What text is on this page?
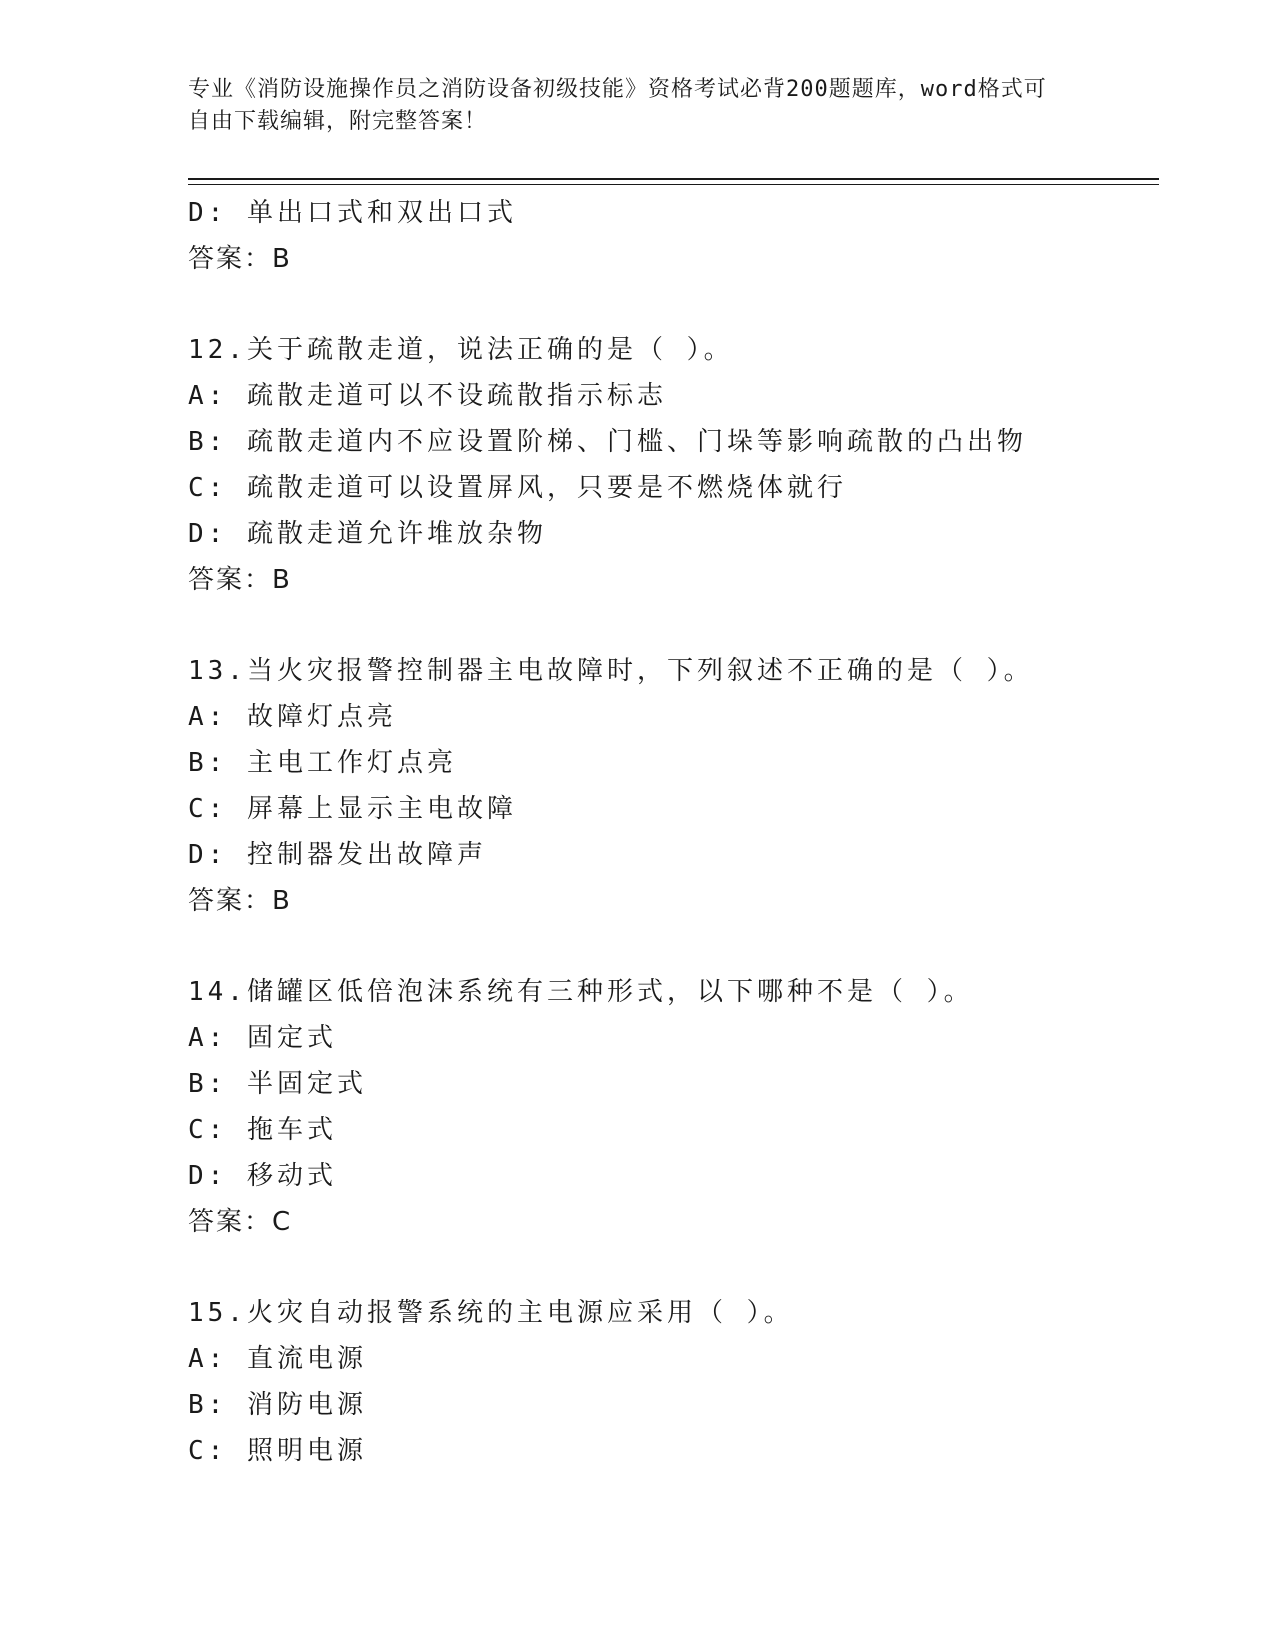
专业《消防设施操作员之消防设备初级技能》资格考试必背200题题库，word格式可自由下载编辑，附完整答案！
D: 单出口式和双出口式
答案：B
12.关于疏散走道，说法正确的是（ ）。
A: 疏散走道可以不设疏散指示标志
B: 疏散走道内不应设置阶梯、门槛、门垛等影响疏散的凸出物
C: 疏散走道可以设置屏风，只要是不燃烧体就行
D: 疏散走道允许堆放杂物
答案：B
13.当火灾报警控制器主电故障时，下列叙述不正确的是（ ）。
A: 故障灯点亮
B: 主电工作灯点亮
C: 屏幕上显示主电故障
D: 控制器发出故障声
答案：B
14.储罐区低倍泡沫系统有三种形式，以下哪种不是（ ）。
A: 固定式
B: 半固定式
C: 拖车式
D: 移动式
答案：C
15.火灾自动报警系统的主电源应采用（ ）。
A: 直流电源
B: 消防电源
C: 照明电源
